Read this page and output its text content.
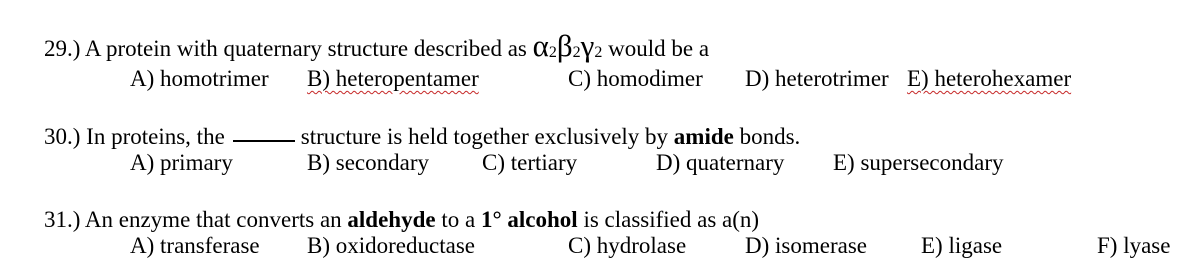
29.) A protein with quaternary structure described as α2β2γ2 would be a
A) homotrimer B) heteropentamer	C) homodimer D) heterotrimer E) heterohexamer
30.) In proteins, the	structure is held together exclusively by amide bonds.
A) primary	B) secondary C) tertiary	D) quaternary E) supersecondary
31.) An enzyme that converts an aldehyde to a 1° alcohol is classified as a(n)
A) transferase B) oxidoreductase	C) hydrolase	D) isomerase E) ligase	F) lyase
